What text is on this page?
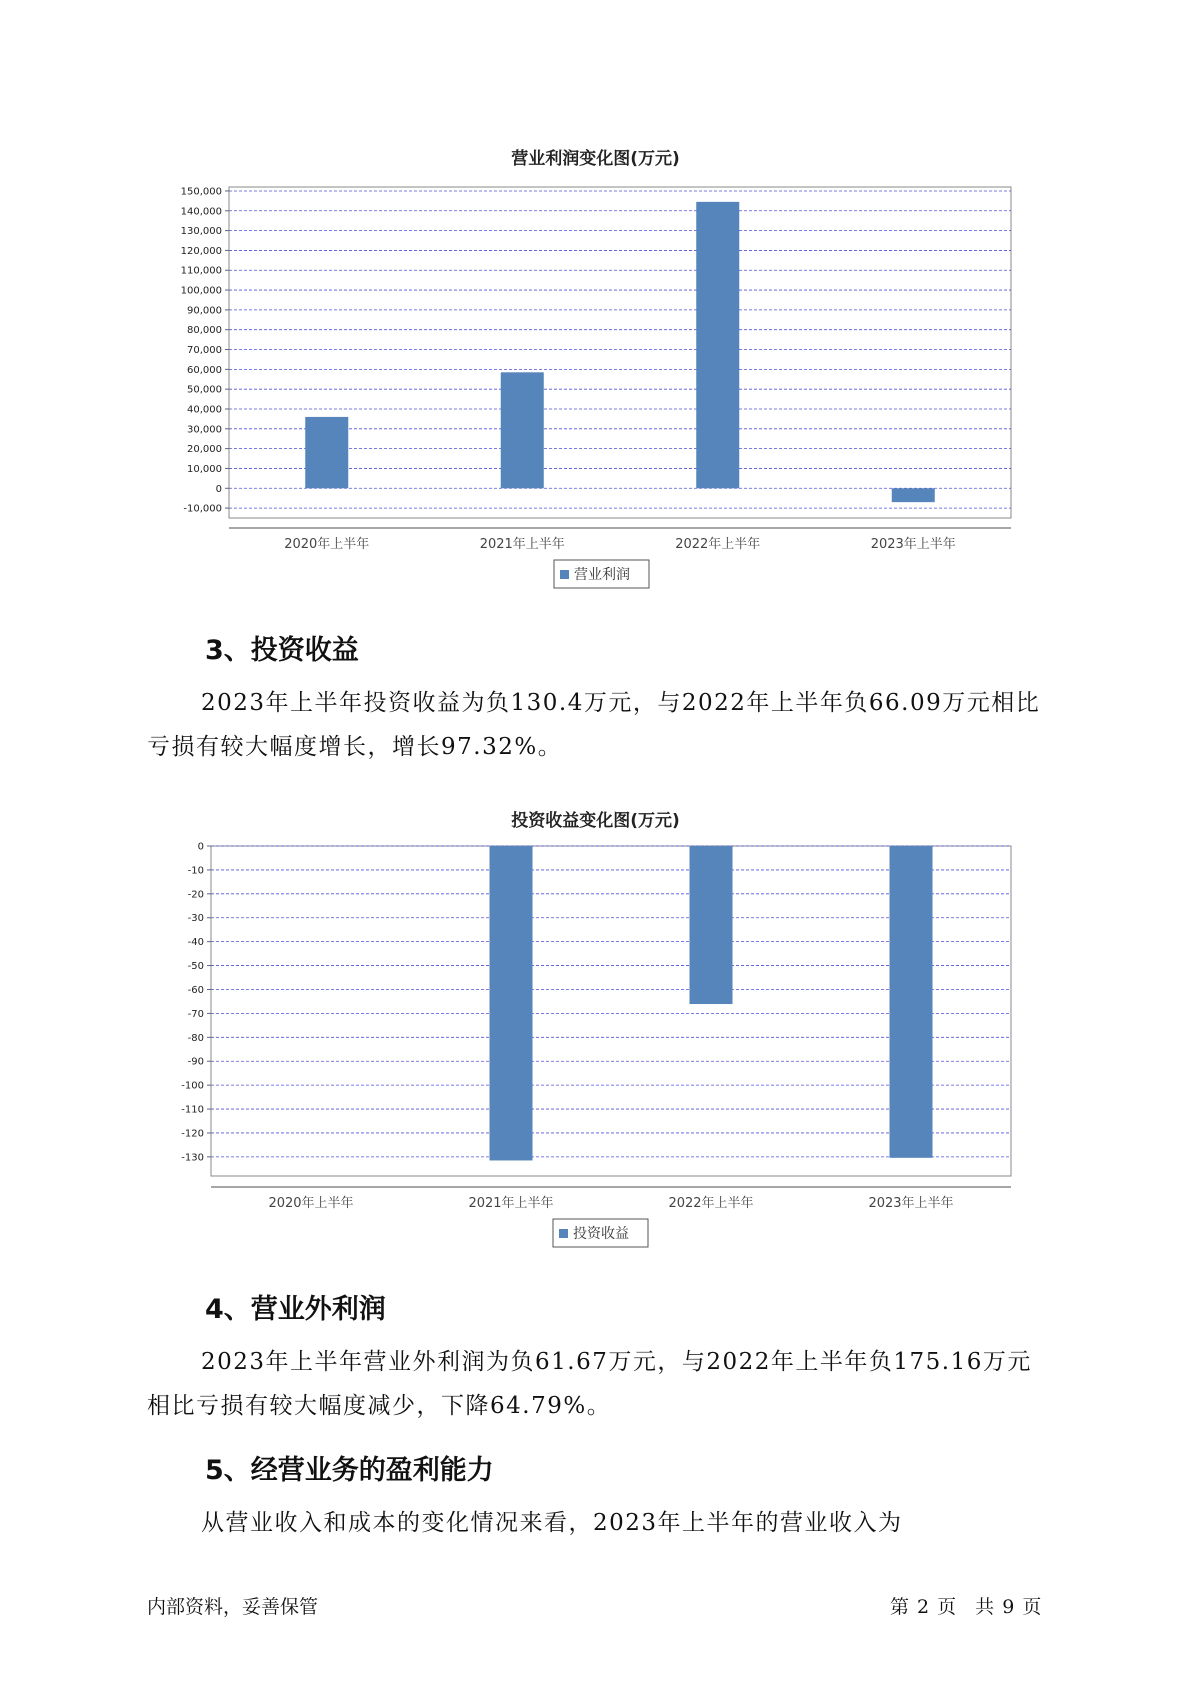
营业利润变化图(万元)
-10,000
0
10,000
20,000
30,000
40,000
50,000
60,000
70,000
80,000
90,000
100,000
110,000
120,000
130,000
140,000
150,000
2020年上半年	2021年上半年	2022年上半年	2023年上半年
营业利润
3、投资收益

2023年上半年投资收益为负130.4万元，与2022年上半年负66.09万元相比亏损有较大幅度增长，增长97.32%。

投资收益变化图(万元)
0
-10
-20
-30
-40
-50
-60
-70
-80
-90
-100
-110
-120
-130
2020年上半年	2021年上半年	2022年上半年	2023年上半年
投资收益
4、营业外利润

2023年上半年营业外利润为负61.67万元，与2022年上半年负175.16万元相比亏损有较大幅度减少，下降64.79%。

5、经营业务的盈利能力

从营业收入和成本的变化情况来看，2023年上半年的营业收入为

内部资料，妥善保管	第 2 页　共 9 页
